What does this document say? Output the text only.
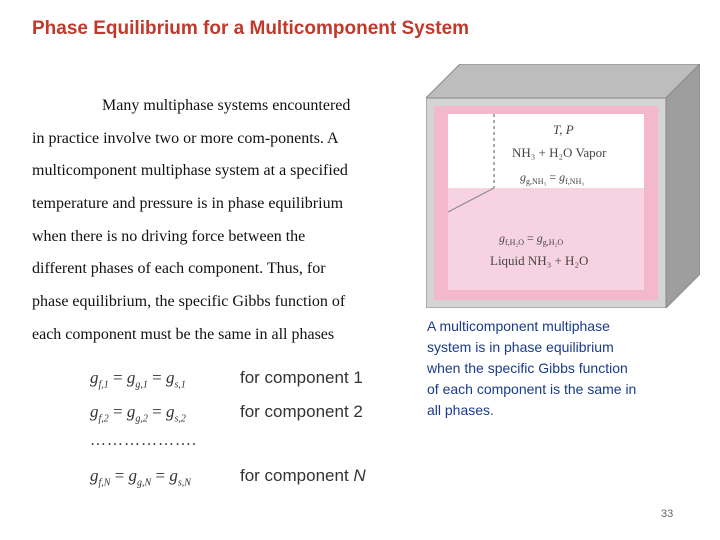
Phase Equilibrium for a Multicomponent System
Many multiphase systems encountered
in practice involve two or more com-ponents. A
multicomponent multiphase system at a specified
temperature and pressure is in phase equilibrium
when there is no driving force between the
different phases of each component. Thus, for
phase equilibrium, the specific Gibbs function of
each component must be the same in all phases
$g_{f,1} = g_{g,1} = g_{s,1}$	for component 1
$g_{f,2} = g_{g,2} = g_{s,2}$	for component 2
……………….
$g_{f,N} = g_{g,N} = g_{s,N}$	for component N
T, P
NH₃ + H₂O Vapor
$g_{g,NH_3} = g_{f,NH_3}$
$g_{f,H_2O} = g_{g,H_2O}$
Liquid NH₃ + H₂O
A multicomponent multiphase
system is in phase equilibrium
when the specific Gibbs function
of each component is the same in
all phases.
33
